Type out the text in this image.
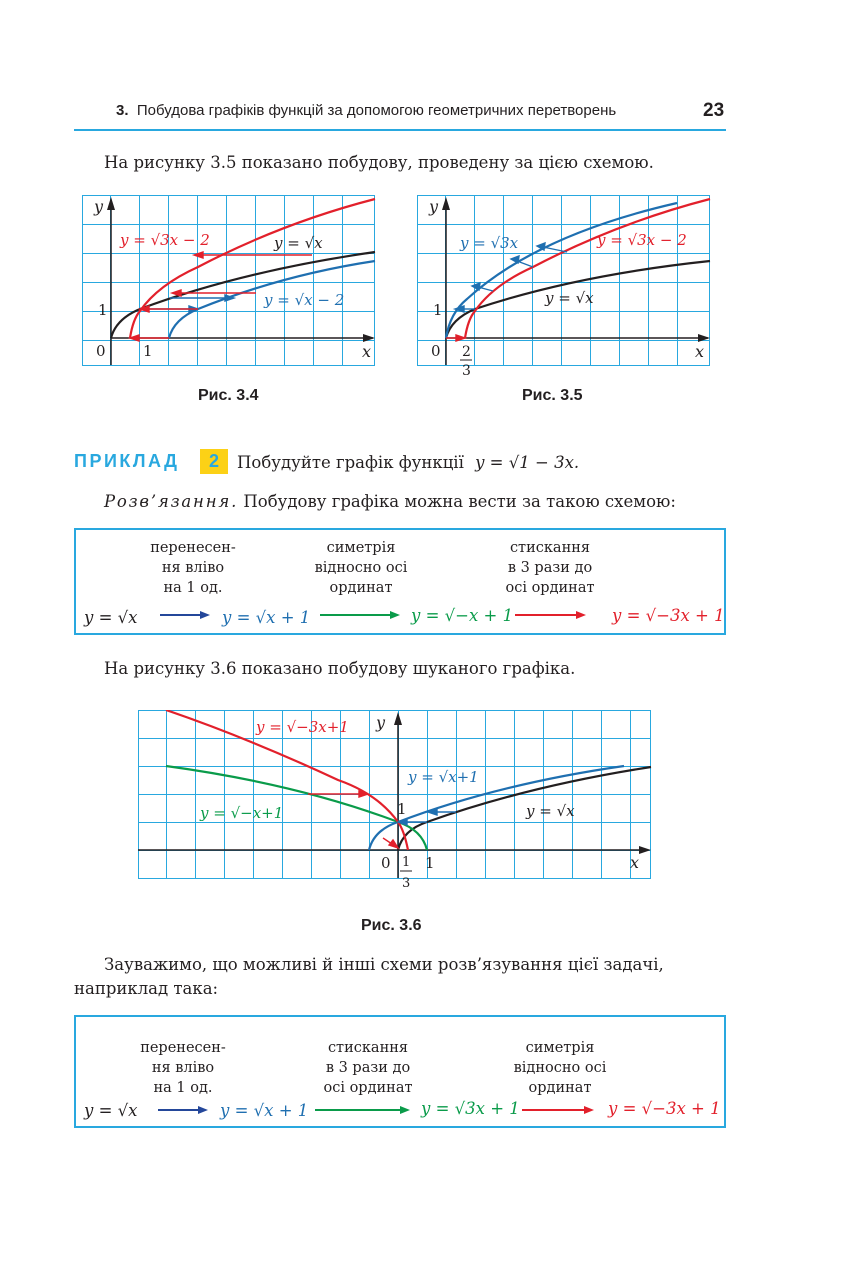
3. Побудова графіків функцій за допомогою геометричних перетворень	23
На рисунку 3.5 показано побудову, проведену за цією схемою.
y
x
0 1
1
y = √3x − 2	y = √x
y = √x − 2
y
x
0
1
2
3
y = √3x	y = √3x − 2
y = √x
Рис. 3.4	Рис. 3.5
ПРИКЛАД	2	Побудуйте графік функції y = √1 − 3x.
Розв’язання. Побудову графіка можна вести за такою схемою:
перенесен-
ня вліво
на 1 од.
симетрія
відносно осі
ординат
стискання
в 3 рази до
осі ординат
y = √x	y = √x + 1	y = √−x + 1	y = √−3x + 1
На рисунку 3.6 показано побудову шуканого графіка.
y
x
0 1
1
1
3
y = √−3x+1
y = √−x+1
y = √x+1
y = √x
Рис. 3.6
Зауважимо, що можливі й інші схеми розв’язування цієї задачі,
наприклад така:
перенесен-
ня вліво
на 1 од.
стискання
в 3 рази до
осі ординат
симетрія
відносно осі
ординат
y = √x	y = √x + 1	y = √3x + 1	y = √−3x + 1
